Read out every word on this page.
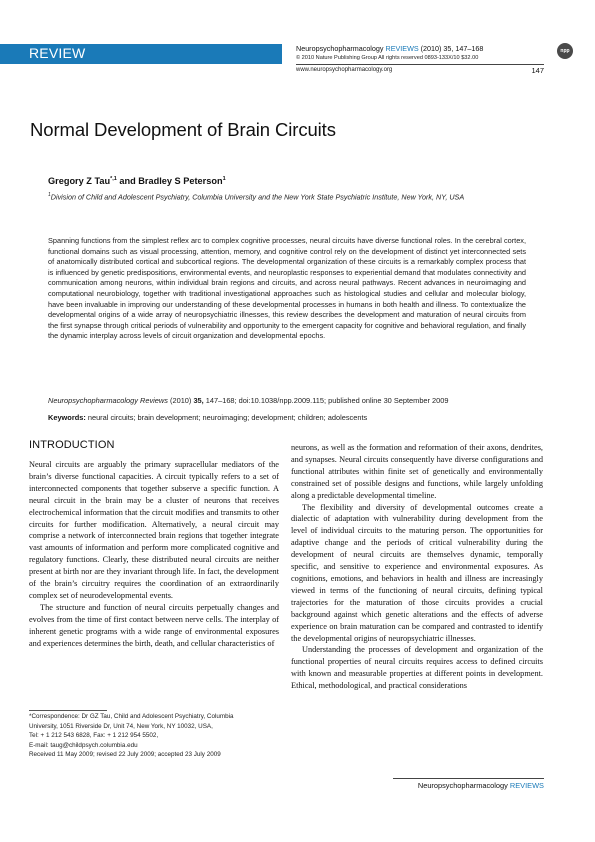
REVIEW	Neuropsychopharmacology REVIEWS (2010) 35, 147–168
© 2010 Nature Publishing Group All rights reserved 0893-133X/10 $32.00
www.neuropsychopharmacology.org	147
npp
Normal Development of Brain Circuits
Gregory Z Tau$^{*,1}$ and Bradley S Peterson$^1$
$^1$Division of Child and Adolescent Psychiatry, Columbia University and the New York State Psychiatric Institute, New York, NY, USA

Spanning functions from the simplest reflex arc to complex cognitive processes, neural circuits have diverse functional roles. In the cerebral cortex, functional domains such as visual processing, attention, memory, and cognitive control rely on the development of distinct yet interconnected sets of anatomically distributed cortical and subcortical regions. The developmental organization of these circuits is a remarkably complex process that is influenced by genetic predispositions, environmental events, and neuroplastic responses to experiential demand that modulates connectivity and communication among neurons, within individual brain regions and circuits, and across neural pathways. Recent advances in neuroimaging and computational neurobiology, together with traditional investigational approaches such as histological studies and cellular and molecular biology, have been invaluable in improving our understanding of these developmental processes in humans in both health and illness. To contextualize the developmental origins of a wide array of neuropsychiatric illnesses, this review describes the development and maturation of neural circuits from the first synapse through critical periods of vulnerability and opportunity to the emergent capacity for cognitive and behavioral regulation, and finally the dynamic interplay across levels of circuit organization and developmental epochs.

Neuropsychopharmacology Reviews (2010) 35, 147–168; doi:10.1038/npp.2009.115; published online 30 September 2009
Keywords: neural circuits; brain development; neuroimaging; development; children; adolescents
INTRODUCTION

Neural circuits are arguably the primary supracellular mediators of the brain’s diverse functional capacities. A circuit typically refers to a set of interconnected components that together subserve a specific function. A neural circuit in the brain may be a cluster of neurons that receives electrochemical information that the circuit modifies and transmits to other circuits for further modification. Alternatively, a neural circuit may comprise a network of interconnected brain regions that together integrate vast amounts of information and perform more complicated cognitive and regulatory functions. Clearly, these distributed neural circuits are neither present at birth nor are they invariant through life. In fact, the development of the brain’s circuitry requires the coordination of an extraordinarily complex set of neurodevelopmental events.

The structure and function of neural circuits perpetually changes and evolves from the time of first contact between nerve cells. The interplay of inherent genetic programs with a wide range of environmental exposures and experiences determines the birth, death, and cellular characteristics of

neurons, as well as the formation and reformation of their axons, dendrites, and synapses. Neural circuits consequently have diverse configurations and functional attributes within finite set of genetically and environmentally constrained set of possible designs and functions, while largely unfolding along a predictable developmental timeline.

The flexibility and diversity of developmental outcomes create a dialectic of adaptation with vulnerability during development from the level of individual circuits to the maturing person. The opportunities for adaptive change and the periods of critical vulnerability during the development of neural circuits are themselves dynamic, temporally specific, and sensitive to experience and environmental exposures. As cognitions, emotions, and behaviors in health and illness are increasingly viewed in terms of the functioning of neural circuits, defining typical trajectories for the maturation of those circuits provides a crucial background against which genetic alterations and the effects of adverse experience on brain maturation can be compared and contrasted to identify the developmental origins of neuropsychiatric illnesses.

Understanding the processes of development and organization of the functional properties of neural circuits requires access to defined circuits with known and measurable properties at different points in development. Ethical, methodological, and practical considerations

*Correspondence: Dr GZ Tau, Child and Adolescent Psychiatry, Columbia
University, 1051 Riverside Dr, Unit 74, New York, NY 10032, USA,
Tel: + 1 212 543 6828, Fax: + 1 212 954 5502,
E-mail: taug@childpsych.columbia.edu
Received 11 May 2009; revised 22 July 2009; accepted 23 July 2009
Neuropsychopharmacology REVIEWS
